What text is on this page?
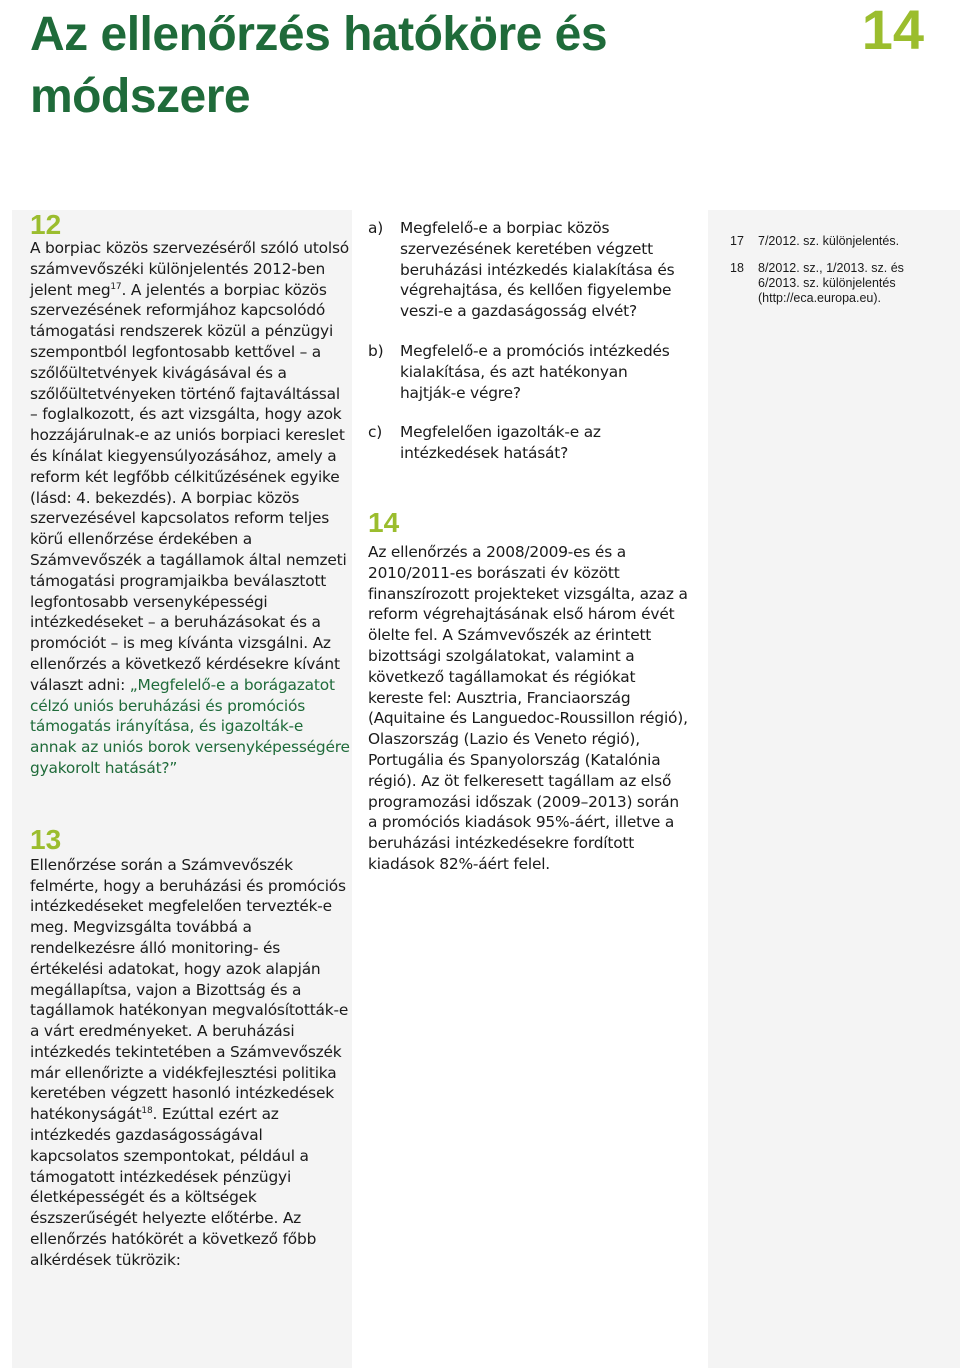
Az ellenőrzés hatóköre és módszere
14
12

A borpiac közös szervezéséről szóló utolsó számvevőszéki különjelentés 2012-ben jelent meg$^{17}$. A jelentés a borpiac közös szervezésének reformjához kapcsolódó támogatási rendszerek közül a pénzügyi szempontból legfontosabb kettővel – a szőlőültetvények kivágásával és a szőlőültetvényeken történő fajtaváltással – foglalkozott, és azt vizsgálta, hogy azok hozzájárulnak-e az uniós borpiaci kereslet és kínálat kiegyensúlyozásához, amely a reform két legfőbb célkitűzésének egyike (lásd: 4. bekezdés). A borpiac közös szervezésével kapcsolatos reform teljes körű ellenőrzése érdekében a Számvevőszék a tagállamok által nemzeti támogatási programjaikba beválasztott legfontosabb versenyképességi intézkedéseket – a beruházásokat és a promóciót – is meg kívánta vizsgálni. Az ellenőrzés a következő kérdésekre kívánt választ adni: „Megfelelő-e a borágazatot célzó uniós beruházási és promóciós támogatás irányítása, és igazolták-e annak az uniós borok versenyképességére gyakorolt hatását?”

13

Ellenőrzése során a Számvevőszék felmérte, hogy a beruházási és promóciós intézkedéseket megfelelően tervezték-e meg. Megvizsgálta továbbá a rendelkezésre álló monitoring- és értékelési adatokat, hogy azok alapján megállapítsa, vajon a Bizottság és a tagállamok hatékonyan megvalósították-e a várt eredményeket. A beruházási intézkedés tekintetében a Számvevőszék már ellenőrizte a vidékfejlesztési politika keretében végzett hasonló intézkedések hatékonyságát$^{18}$. Ezúttal ezért az intézkedés gazdaságosságával kapcsolatos szempontokat, például a támogatott intézkedések pénzügyi életképességét és a költségek észszerűségét helyezte előtérbe. Az ellenőrzés hatókörét a következő főbb alkérdések tükrözik:

a)	Megfelelő-e a borpiac közös szervezésének keretében végzett beruházási intézkedés kialakítása és végrehajtása, és kellően figyelembe veszi-e a gazdaságosság elvét?
b)	Megfelelő-e a promóciós intézkedés kialakítása, és azt hatékonyan hajtják-e végre?
c)	Megfelelően igazolták-e az intézkedések hatását?
14

Az ellenőrzés a 2008/2009-es és a 2010/2011-es borászati év között finanszírozott projekteket vizsgálta, azaz a reform végrehajtásának első három évét ölelte fel. A Számvevőszék az érintett bizottsági szolgálatokat, valamint a következő tagállamokat és régiókat kereste fel: Ausztria, Franciaország (Aquitaine és Languedoc-Roussillon régió), Olaszország (Lazio és Veneto régió), Portugália és Spanyolország (Katalónia régió). Az öt felkeresett tagállam az első programozási időszak (2009–2013) során a promóciós kiadások 95%-áért, illetve a beruházási intézkedésekre fordított kiadások 82%-áért felel.

17	7/2012. sz. különjelentés.
18	8/2012. sz., 1/2013. sz. és 6/2013. sz. különjelentés (http://eca.europa.eu).
